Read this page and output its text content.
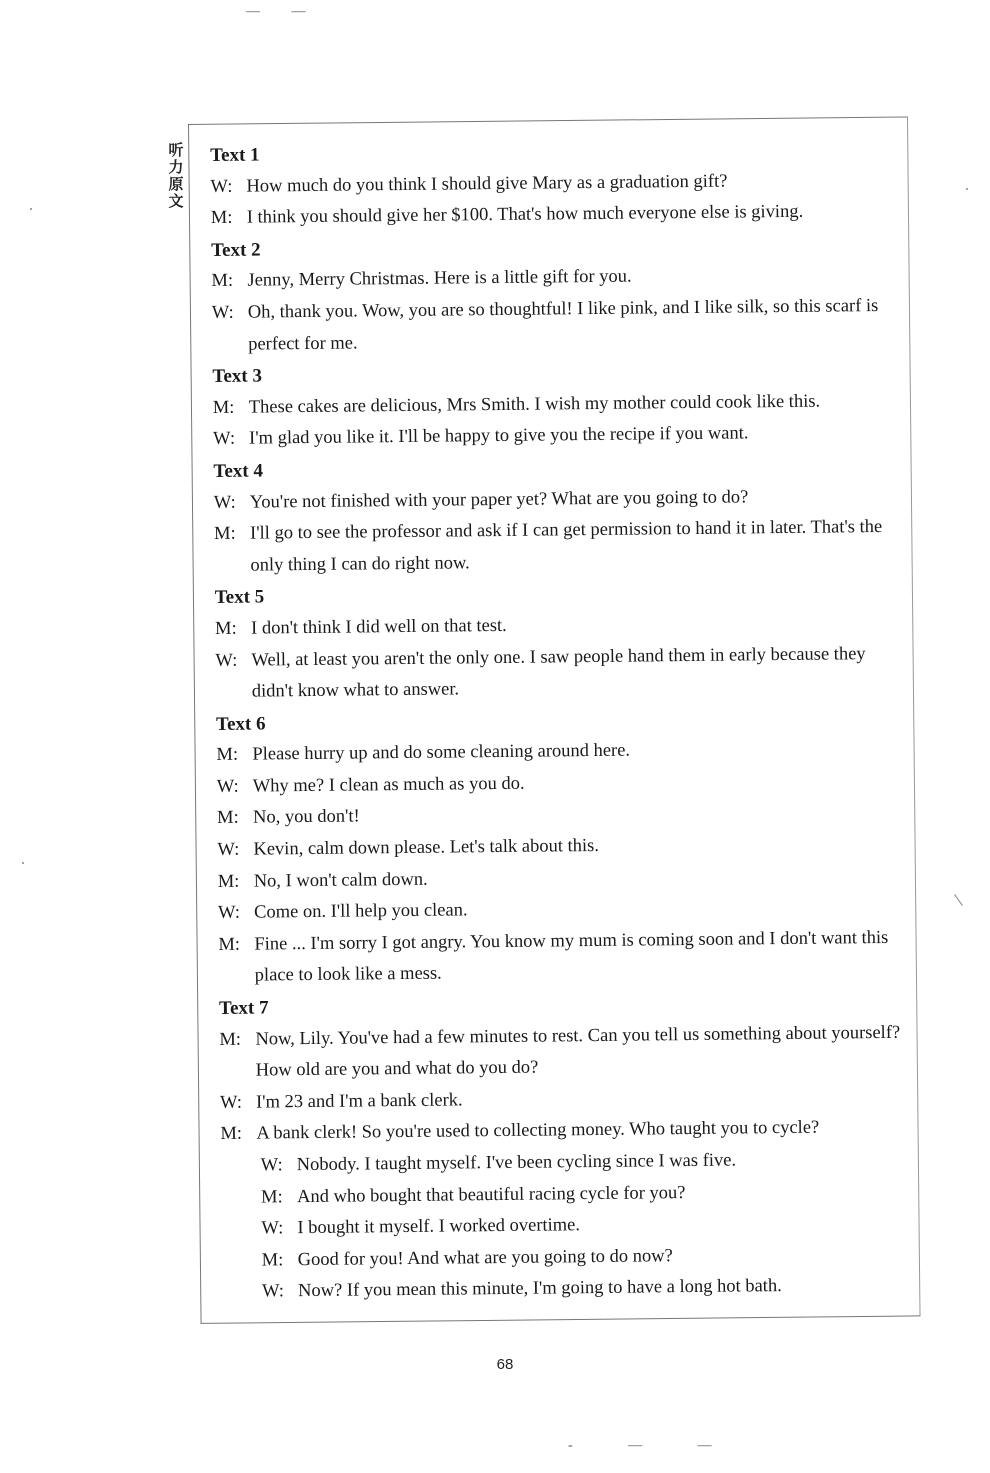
— —
听
力
原
文

Text 1

W: How much do you think I should give Mary as a graduation gift?

M: I think you should give her $100. That's how much everyone else is giving.

Text 2

M: Jenny, Merry Christmas. Here is a little gift for you.

W: Oh, thank you. Wow, you are so thoughtful! I like pink, and I like silk, so this scarf is perfect for me.

Text 3

M: These cakes are delicious, Mrs Smith. I wish my mother could cook like this.

W: I'm glad you like it. I'll be happy to give you the recipe if you want.

Text 4

W: You're not finished with your paper yet? What are you going to do?

M: I'll go to see the professor and ask if I can get permission to hand it in later. That's the only thing I can do right now.

Text 5

M: I don't think I did well on that test.

W: Well, at least you aren't the only one. I saw people hand them in early because they didn't know what to answer.

Text 6

M: Please hurry up and do some cleaning around here.

W: Why me? I clean as much as you do.

M: No, you don't!

W: Kevin, calm down please. Let's talk about this.

M: No, I won't calm down.

W: Come on. I'll help you clean.

M: Fine ... I'm sorry I got angry. You know my mum is coming soon and I don't want this place to look like a mess.

Text 7

M: Now, Lily. You've had a few minutes to rest. Can you tell us something about yourself? How old are you and what do you do?

W: I'm 23 and I'm a bank clerk.

M: A bank clerk! So you're used to collecting money. Who taught you to cycle?

W: Nobody. I taught myself. I've been cycling since I was five.

M: And who bought that beautiful racing cycle for you?

W: I bought it myself. I worked overtime.

M: Good for you! And what are you going to do now?

W: Now? If you mean this minute, I'm going to have a long hot bath.

68
- — —
